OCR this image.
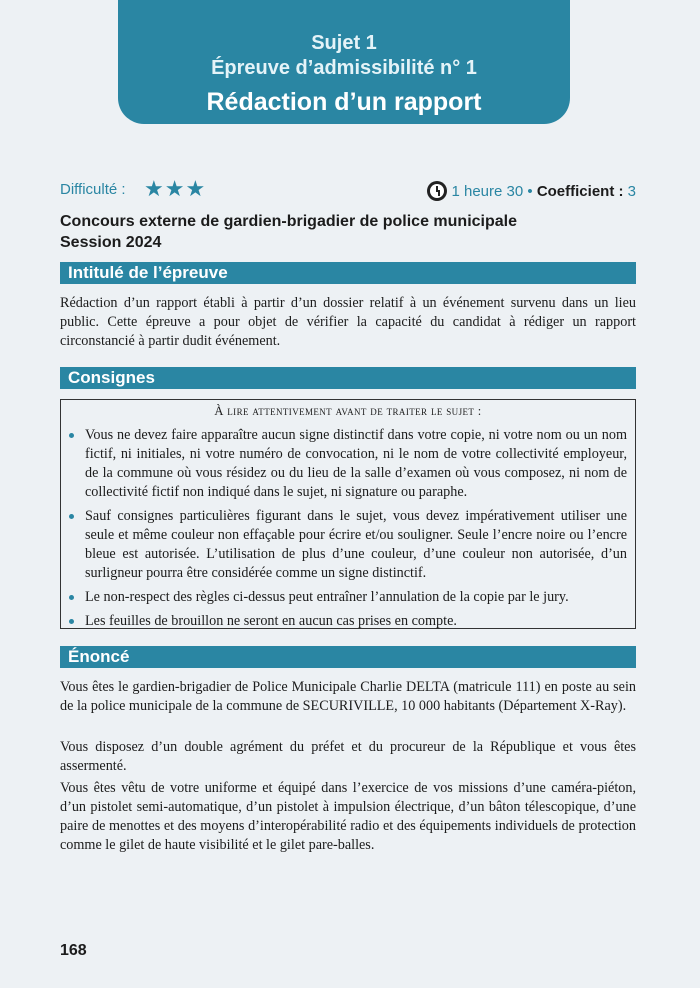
Sujet 1
Épreuve d’admissibilité n° 1
Rédaction d’un rapport
Difficulté : ★★★	1 heure 30 • Coefficient : 3
Concours externe de gardien-brigadier de police municipale
Session 2024
Intitulé de l’épreuve

Rédaction d’un rapport établi à partir d’un dossier relatif à un événement survenu dans un lieu public. Cette épreuve a pour objet de vérifier la capacité du candidat à rédiger un rapport circonstancié à partir dudit événement.

Consignes
À lire attentivement avant de traiter le sujet :
Vous ne devez faire apparaître aucun signe distinctif dans votre copie, ni votre nom ou un nom fictif, ni initiales, ni votre numéro de convocation, ni le nom de votre collectivité employeur, de la commune où vous résidez ou du lieu de la salle d’examen où vous composez, ni nom de collectivité fictif non indiqué dans le sujet, ni signature ou paraphe.
Sauf consignes particulières figurant dans le sujet, vous devez impérativement utiliser une seule et même couleur non effaçable pour écrire et/ou souligner. Seule l’encre noire ou l’encre bleue est autorisée. L’utilisation de plus d’une couleur, d’une couleur non autorisée, d’un surligneur pourra être considérée comme un signe distinctif.
Le non-respect des règles ci-dessus peut entraîner l’annulation de la copie par le jury.
Les feuilles de brouillon ne seront en aucun cas prises en compte.
Énoncé

Vous êtes le gardien-brigadier de Police Municipale Charlie DELTA (matricule 111) en poste au sein de la police municipale de la commune de SECURIVILLE, 10 000 habitants (Département X-Ray).

Vous disposez d’un double agrément du préfet et du procureur de la République et vous êtes assermenté.

Vous êtes vêtu de votre uniforme et équipé dans l’exercice de vos missions d’une caméra-piéton, d’un pistolet semi-automatique, d’un pistolet à impulsion électrique, d’un bâton télescopique, d’une paire de menottes et des moyens d’interopérabilité radio et des équipements individuels de protection comme le gilet de haute visibilité et le gilet pare-balles.

168
